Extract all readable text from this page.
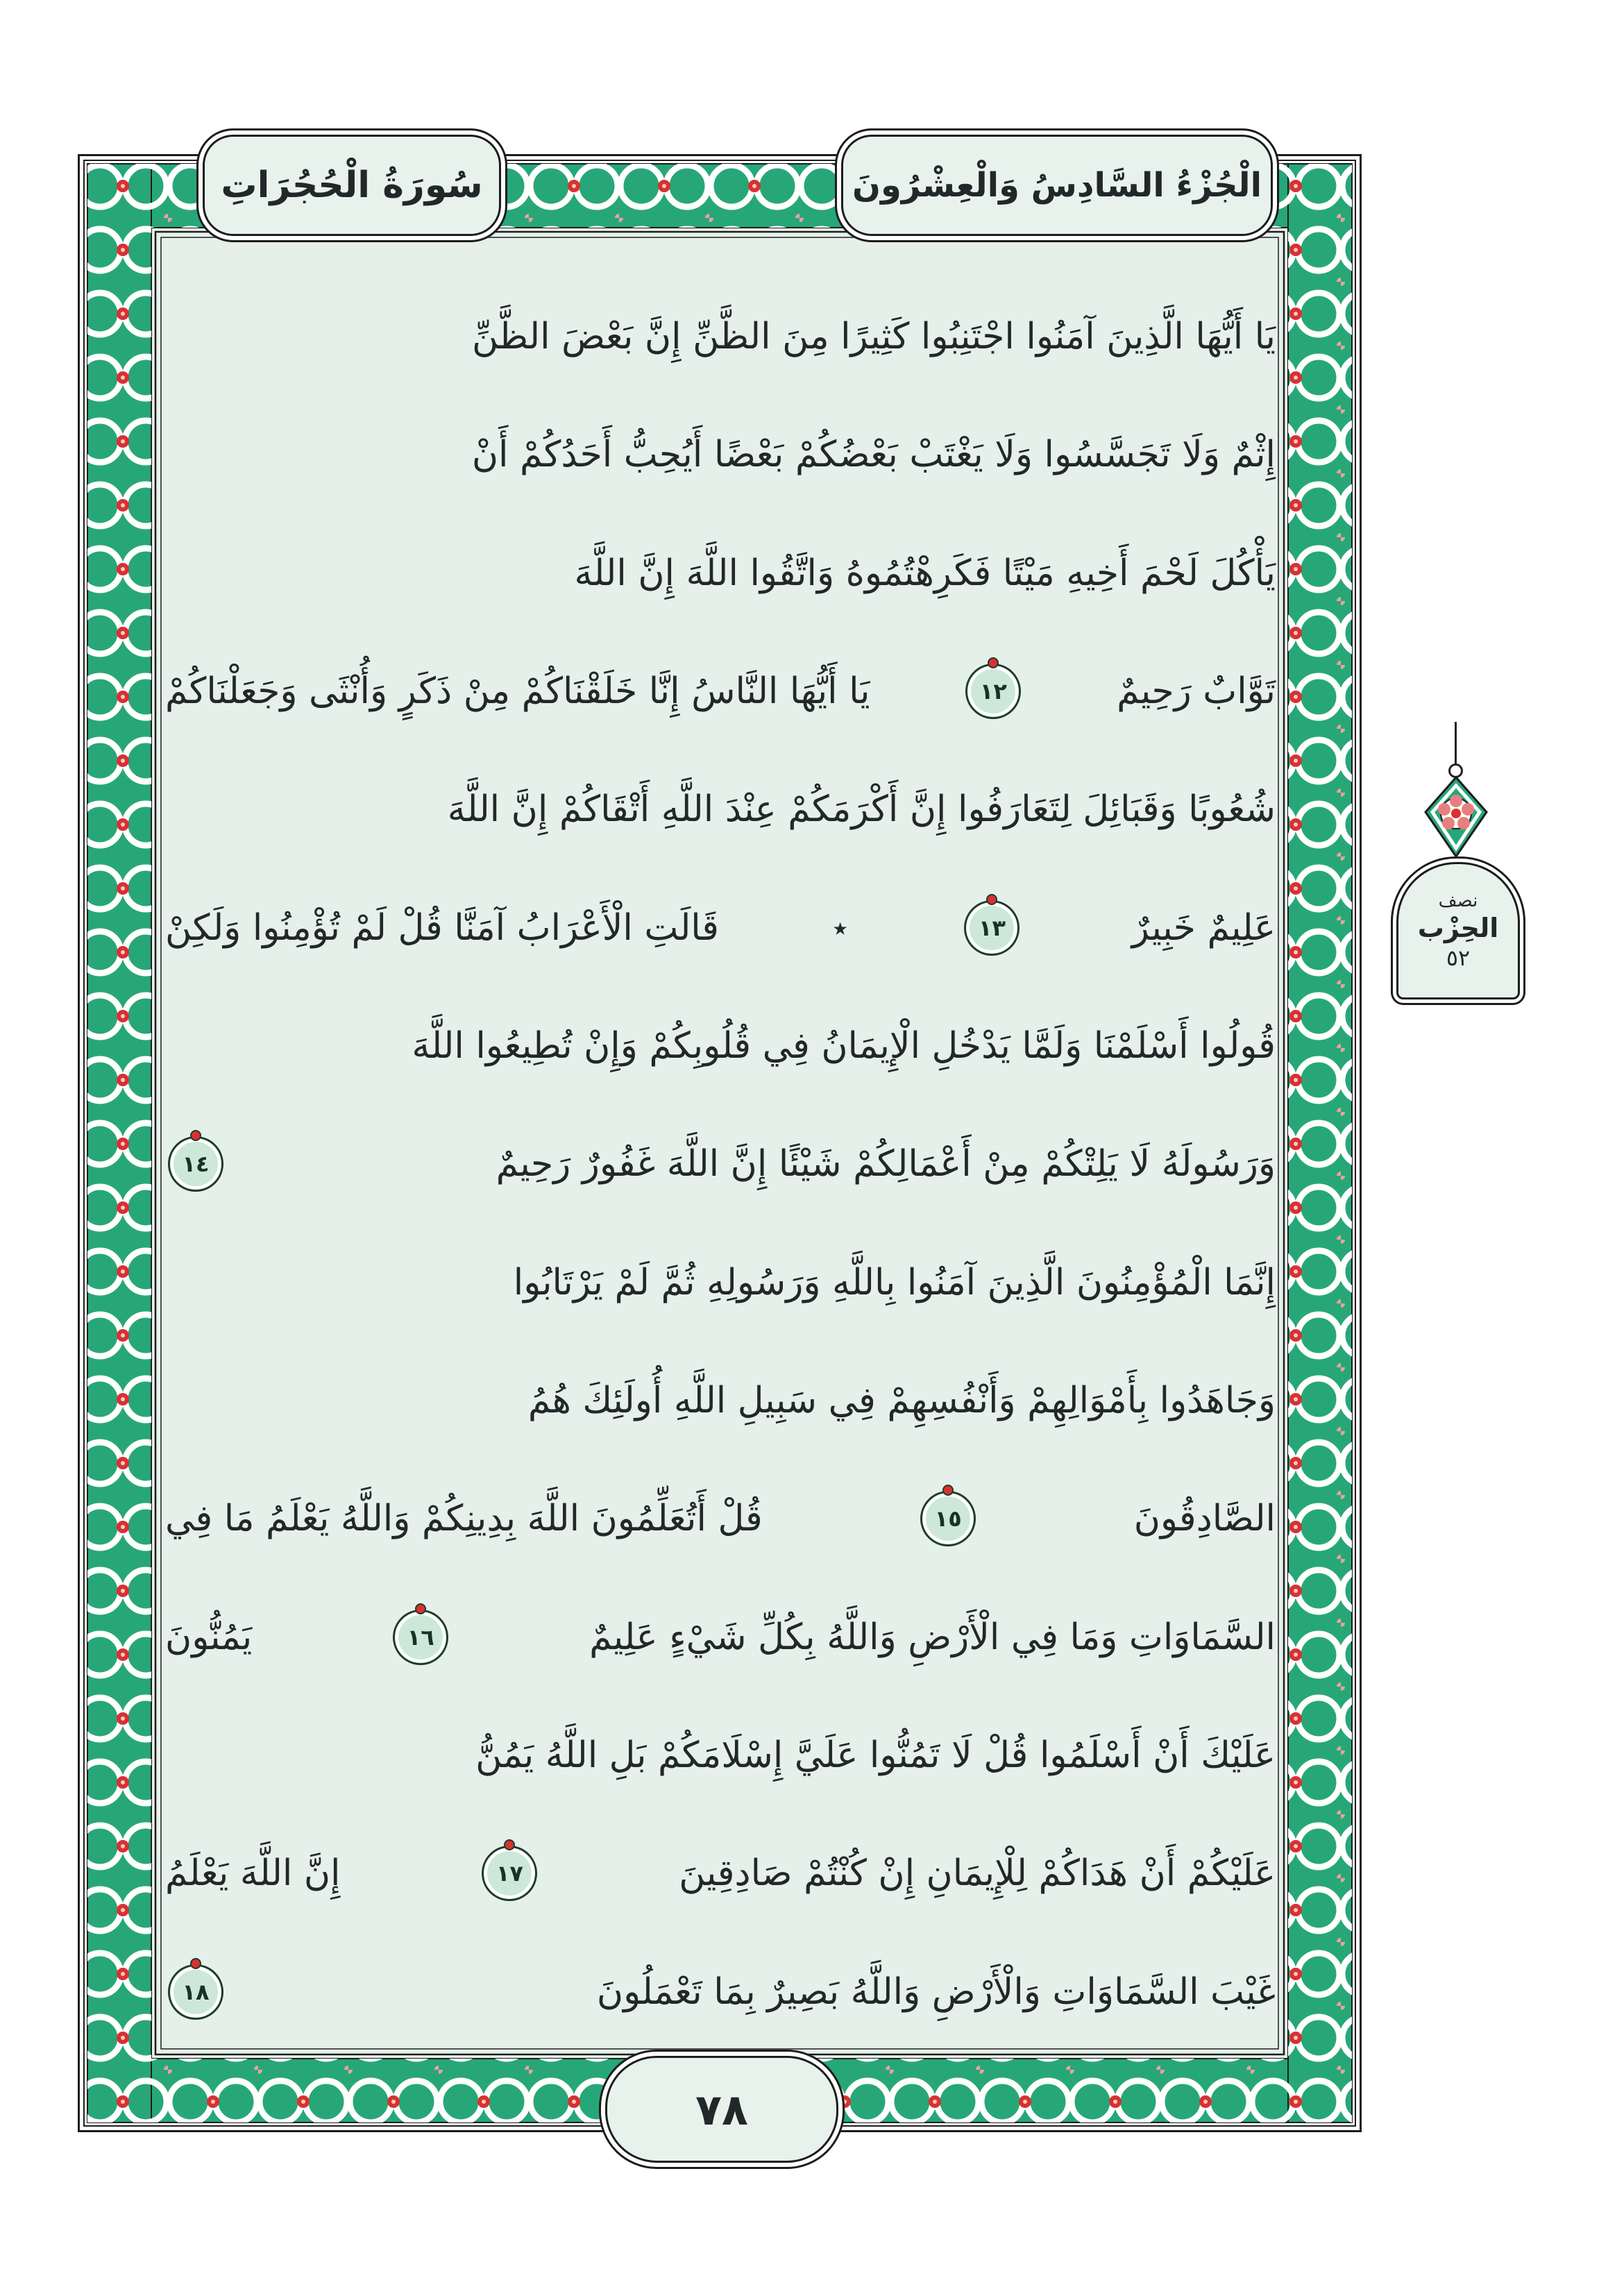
سُورَةُ الْحُجُرَاتِ	الْجُزْءُ السَّادِسُ وَالْعِشْرُونَ
يَا أَيُّهَا الَّذِينَ آمَنُوا اجْتَنِبُوا كَثِيرًا مِنَ الظَّنِّ إِنَّ بَعْضَ الظَّنِّ
إِثْمٌ وَلَا تَجَسَّسُوا وَلَا يَغْتَبْ بَعْضُكُمْ بَعْضًا أَيُحِبُّ أَحَدُكُمْ أَنْ
يَأْكُلَ لَحْمَ أَخِيهِ مَيْتًا فَكَرِهْتُمُوهُ وَاتَّقُوا اللَّهَ إِنَّ اللَّهَ
تَوَّابٌ رَحِيمٌ
١٢
يَا أَيُّهَا النَّاسُ إِنَّا خَلَقْنَاكُمْ مِنْ ذَكَرٍ وَأُنْثَى وَجَعَلْنَاكُمْ
شُعُوبًا وَقَبَائِلَ لِتَعَارَفُوا إِنَّ أَكْرَمَكُمْ عِنْدَ اللَّهِ أَتْقَاكُمْ إِنَّ اللَّهَ
عَلِيمٌ خَبِيرٌ
١٣
٭
قَالَتِ الْأَعْرَابُ آمَنَّا قُلْ لَمْ تُؤْمِنُوا وَلَكِنْ
قُولُوا أَسْلَمْنَا وَلَمَّا يَدْخُلِ الْإِيمَانُ فِي قُلُوبِكُمْ وَإِنْ تُطِيعُوا اللَّهَ
وَرَسُولَهُ لَا يَلِتْكُمْ مِنْ أَعْمَالِكُمْ شَيْئًا إِنَّ اللَّهَ غَفُورٌ رَحِيمٌ
١٤
إِنَّمَا الْمُؤْمِنُونَ الَّذِينَ آمَنُوا بِاللَّهِ وَرَسُولِهِ ثُمَّ لَمْ يَرْتَابُوا
وَجَاهَدُوا بِأَمْوَالِهِمْ وَأَنْفُسِهِمْ فِي سَبِيلِ اللَّهِ أُولَئِكَ هُمُ
الصَّادِقُونَ
١٥
قُلْ أَتُعَلِّمُونَ اللَّهَ بِدِينِكُمْ وَاللَّهُ يَعْلَمُ مَا فِي
السَّمَاوَاتِ وَمَا فِي الْأَرْضِ وَاللَّهُ بِكُلِّ شَيْءٍ عَلِيمٌ
١٦
يَمُنُّونَ
عَلَيْكَ أَنْ أَسْلَمُوا قُلْ لَا تَمُنُّوا عَلَيَّ إِسْلَامَكُمْ بَلِ اللَّهُ يَمُنُّ
عَلَيْكُمْ أَنْ هَدَاكُمْ لِلْإِيمَانِ إِنْ كُنْتُمْ صَادِقِينَ
١٧
إِنَّ اللَّهَ يَعْلَمُ
غَيْبَ السَّمَاوَاتِ وَالْأَرْضِ وَاللَّهُ بَصِيرٌ بِمَا تَعْمَلُونَ
١٨
نصف
الحِزْب
٥٢
٧٨
